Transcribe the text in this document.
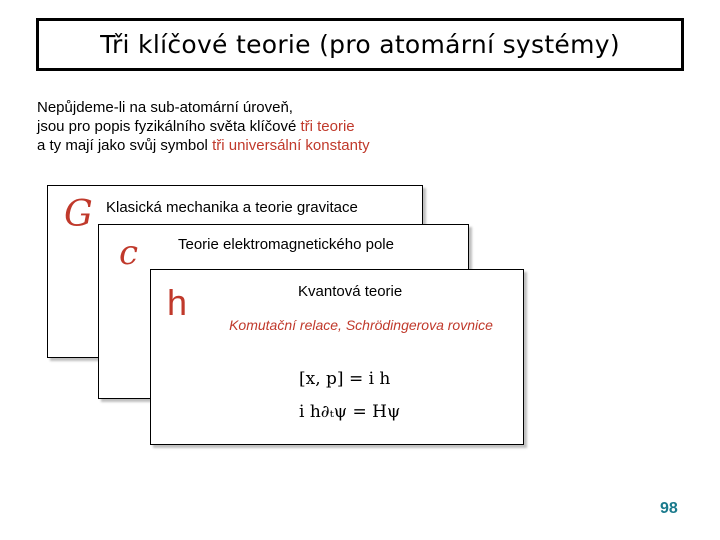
Tři klíčové teorie (pro atomární systémy)
Nepůjdeme-li na sub-atomární úroveň,
jsou pro popis fyzikálního světa klíčové tři teorie
a ty mají jako svůj symbol tři universální konstanty
G Klasická mechanika a teorie gravitace
c	Teorie elektromagnetického pole
h	Kvantová teorie
Komutační relace, Schrödingerova rovnice
[x, p] = i h
i h∂ₜψ = Hψ
98
